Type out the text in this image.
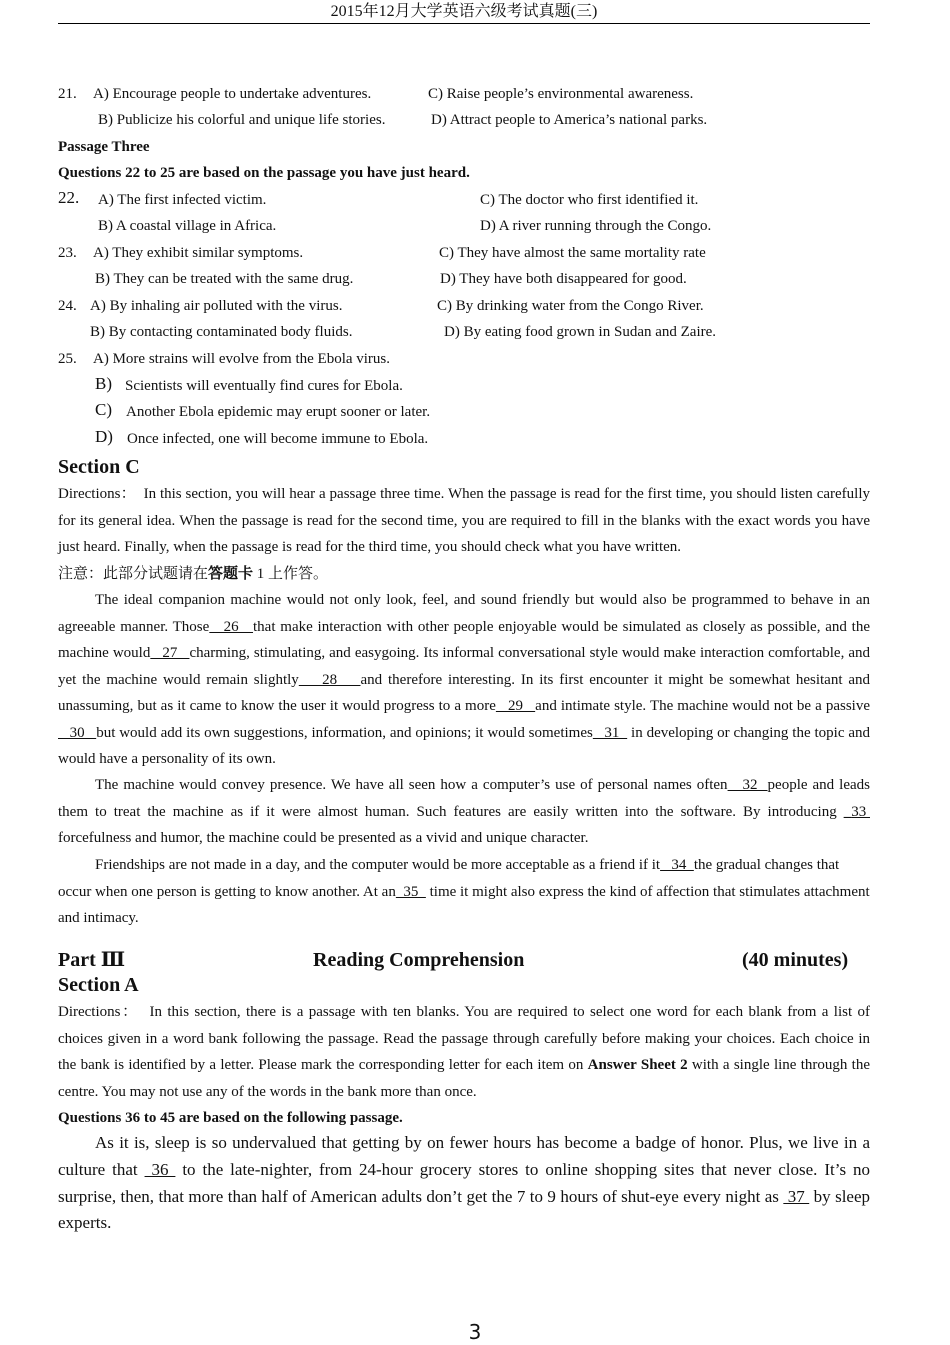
2015年12月大学英语六级考试真题(三)
21. A) Encourage people to undertake adventures.	C) Raise people’s environmental awareness.
B) Publicize his colorful and unique life stories.	D) Attract people to America’s national parks.
Passage Three
Questions 22 to 25 are based on the passage you have just heard.
22. A) The first infected victim.	C) The doctor who first identified it.
B) A coastal village in Africa.	D) A river running through the Congo.
23. A) They exhibit similar symptoms.	C) They have almost the same mortality rate
B) They can be treated with the same drug.	D) They have both disappeared for good.
24. A) By inhaling air polluted with the virus.	C) By drinking water from the Congo River.
B) By contacting contaminated body fluids.	D) By eating food grown in Sudan and Zaire.
25. A) More strains will evolve from the Ebola virus.
B) Scientists will eventually find cures for Ebola.
C) Another Ebola epidemic may erupt sooner or later.
D) Once infected, one will become immune to Ebola.
Section C
Directions： In this section, you will hear a passage three time. When the passage is read for the first time, you should listen carefully for its general idea. When the passage is read for the second time, you are required to fill in the blanks with the exact words you have just heard. Finally, when the passage is read for the third time, you should check what you have written.
注意：此部分试题请在答题卡 1 上作答。
The ideal companion machine would not only look, feel, and sound friendly but would also be programmed to behave in an agreeable manner. Those   26   that make interaction with other people enjoyable would be simulated as closely as possible, and the machine would   27   charming, stimulating, and easygoing. Its informal conversational style would make interaction comfortable, and yet the machine would remain slightly    28    and therefore interesting. In its first encounter it might be somewhat hesitant and unassuming, but as it came to know the user it would progress to a more   29   and intimate style. The machine would not be a passive   30   but would add its own suggestions, information, and opinions; it would sometimes   31   in developing or changing the topic and would have a personality of its own.
The machine would convey presence. We have all seen how a computer’s use of personal names often   32  people and leads them to treat the machine as if it were almost human. Such features are easily written into the software. By introducing _33  forcefulness and humor, the machine could be presented as a vivid and unique character.
Friendships are not made in a day, and the computer would be more acceptable as a friend if it   34  the gradual changes that occur when one person is getting to know another. At an  35   time it might also express the kind of affection that stimulates attachment and intimacy.
Part Ⅲ	Reading Comprehension	(40 minutes)
Section A
Directions： In this section, there is a passage with ten blanks. You are required to select one word for each blank from a list of choices given in a word bank following the passage. Read the passage through carefully before making your choices. Each choice in the bank is identified by a letter. Please mark the corresponding letter for each item on Answer Sheet 2 with a single line through the centre. You may not use any of the words in the bank more than once.
Questions 36 to 45 are based on the following passage.
As it is, sleep is so undervalued that getting by on fewer hours has become a badge of honor. Plus, we live in a culture that  36  to the late-nighter, from 24-hour grocery stores to online shopping sites that never close. It’s no surprise, then, that more than half of American adults don’t get the 7 to 9 hours of shut-eye every night as  37  by sleep experts.
3
